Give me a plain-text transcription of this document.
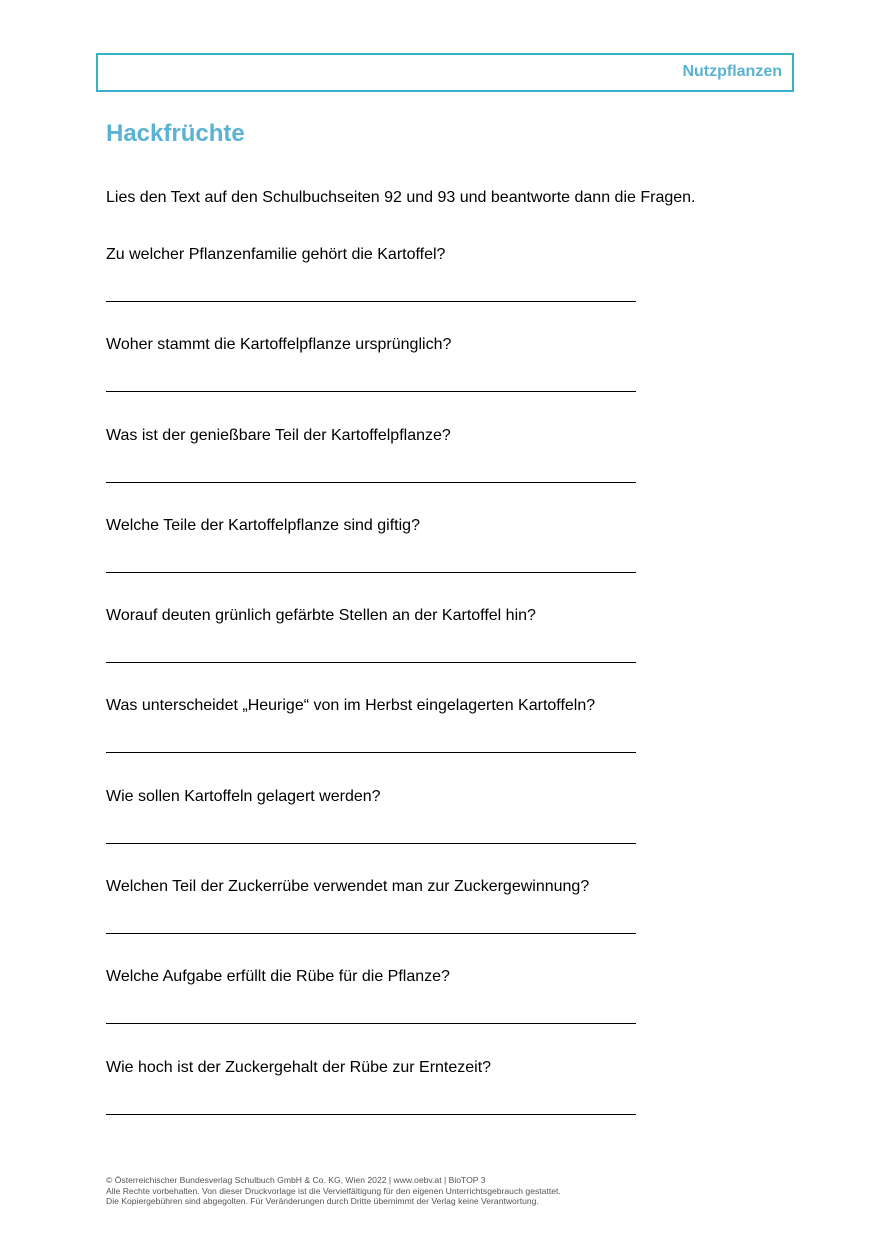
Nutzpflanzen
Hackfrüchte

Lies den Text auf den Schulbuchseiten 92 und 93 und beantworte dann die Fragen.

Zu welcher Pflanzenfamilie gehört die Kartoffel?
Woher stammt die Kartoffelpflanze ursprünglich?
Was ist der genießbare Teil der Kartoffelpflanze?
Welche Teile der Kartoffelpflanze sind giftig?
Worauf deuten grünlich gefärbte Stellen an der Kartoffel hin?
Was unterscheidet „Heurige“ von im Herbst eingelagerten Kartoffeln?
Wie sollen Kartoffeln gelagert werden?
Welchen Teil der Zuckerrübe verwendet man zur Zuckergewinnung?
Welche Aufgabe erfüllt die Rübe für die Pflanze?
Wie hoch ist der Zuckergehalt der Rübe zur Erntezeit?
© Österreichischer Bundesverlag Schulbuch GmbH & Co. KG, Wien 2022 | www.oebv.at | BioTOP 3
Alle Rechte vorbehalten. Von dieser Druckvorlage ist die Vervielfältigung für den eigenen Unterrichtsgebrauch gestattet.
Die Kopiergebühren sind abgegolten. Für Veränderungen durch Dritte übernimmt der Verlag keine Verantwortung.
